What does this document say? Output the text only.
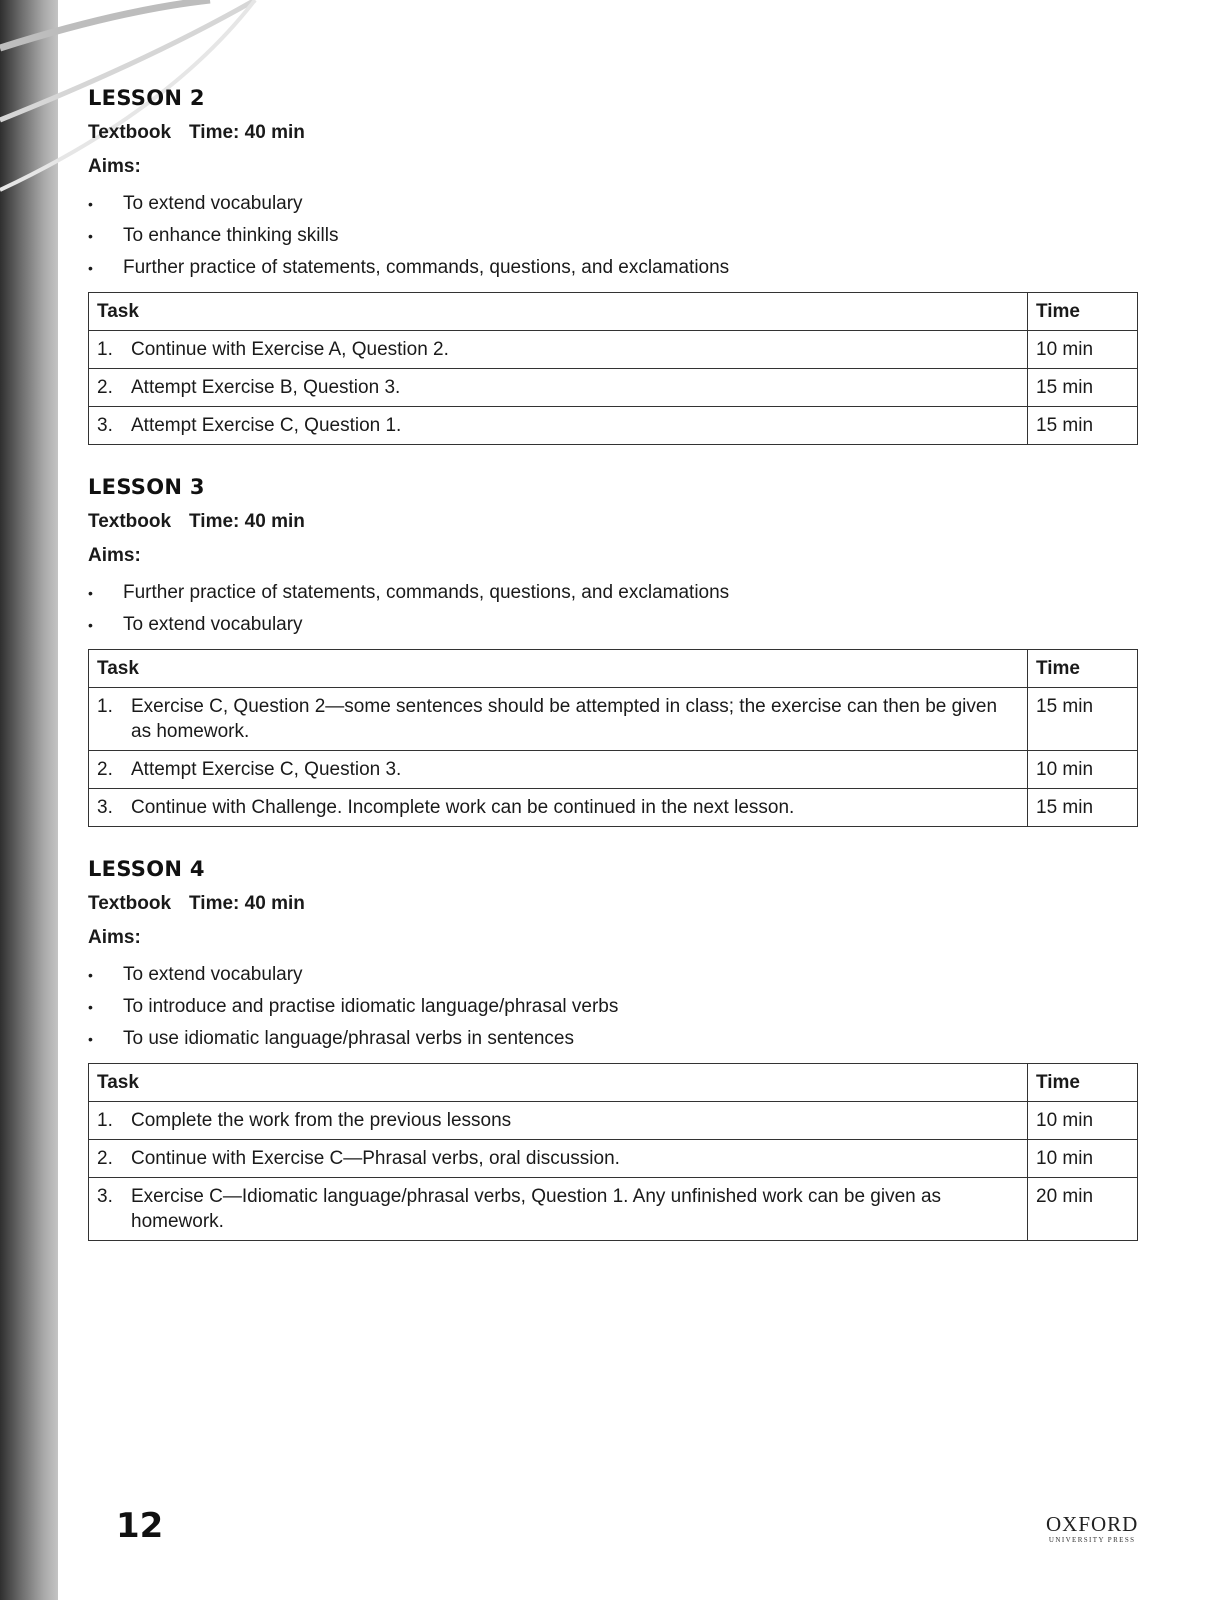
LESSON 2
Textbook Time: 40 min
Aims:
• To extend vocabulary
• To enhance thinking skills
• Further practice of statements, commands, questions, and exclamations
Task	Time

1. Continue with Exercise A, Question 2.	10 min

2. Attempt Exercise B, Question 3.	15 min

3. Attempt Exercise C, Question 1.	15 min
LESSON 3
Textbook Time: 40 min
Aims:
• Further practice of statements, commands, questions, and exclamations
• To extend vocabulary
Task	Time

1. Exercise C, Question 2—some sentences should be attempted in class; the exercise can then be given as homework.	15 min

2. Attempt Exercise C, Question 3.	10 min

3. Continue with Challenge. Incomplete work can be continued in the next lesson.	15 min
LESSON 4
Textbook Time: 40 min
Aims:
• To extend vocabulary
• To introduce and practise idiomatic language/phrasal verbs
• To use idiomatic language/phrasal verbs in sentences
Task	Time

1. Complete the work from the previous lessons	10 min

2. Continue with Exercise C—Phrasal verbs, oral discussion.	10 min

3. Exercise C—Idiomatic language/phrasal verbs, Question 1. Any unfinished work can be given as homework.	20 min
12	OXFORD
UNIVERSITY PRESS
